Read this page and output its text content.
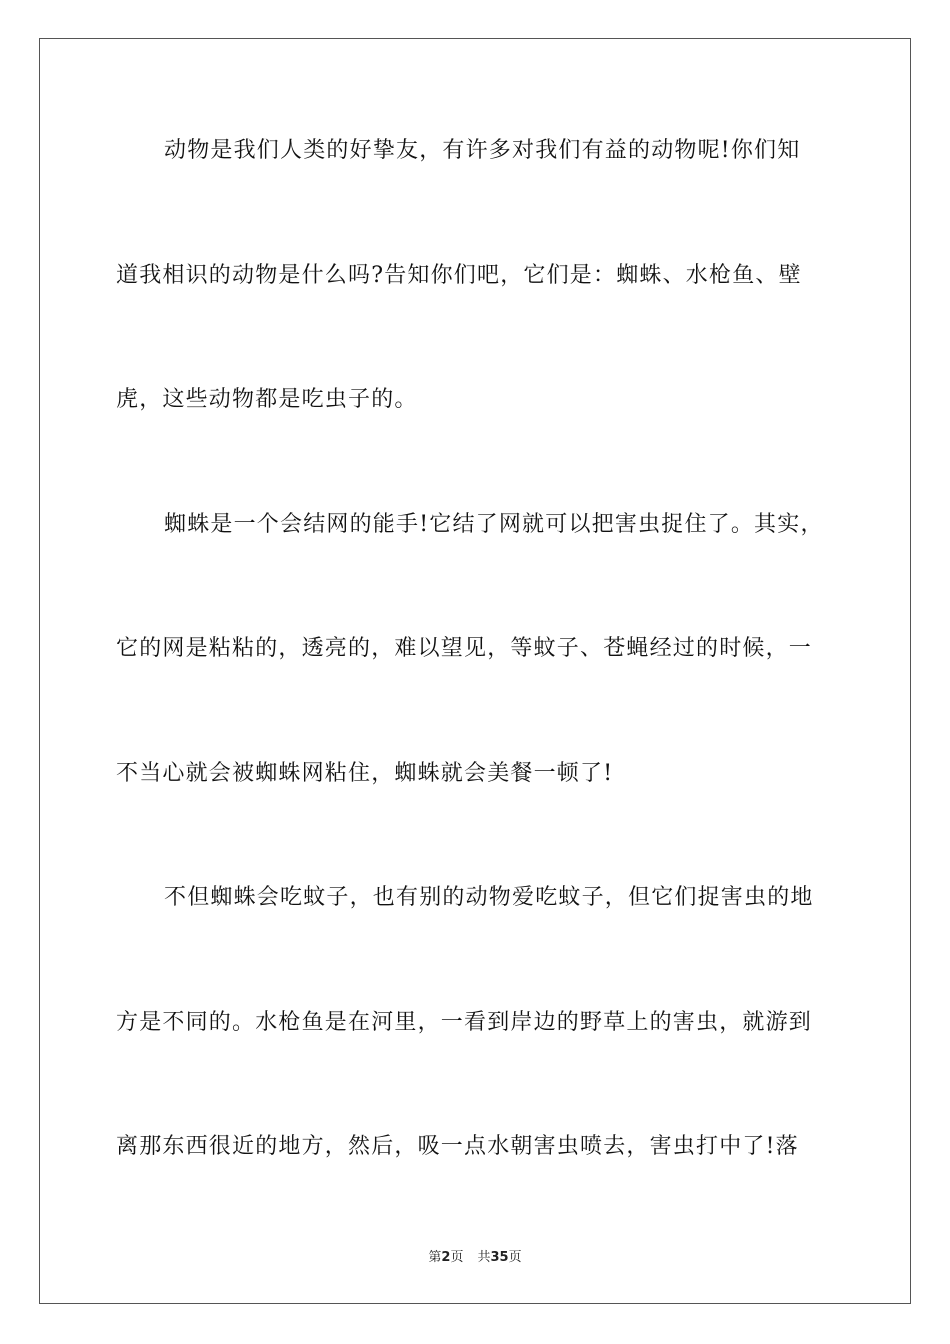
动物是我们人类的好挚友，有许多对我们有益的动物呢!你们知
道我相识的动物是什么吗?告知你们吧，它们是：蜘蛛、水枪鱼、壁
虎，这些动物都是吃虫子的。
蜘蛛是一个会结网的能手!它结了网就可以把害虫捉住了。其实，
它的网是粘粘的，透亮的，难以望见，等蚊子、苍蝇经过的时候，一
不当心就会被蜘蛛网粘住，蜘蛛就会美餐一顿了!
不但蜘蛛会吃蚊子，也有别的动物爱吃蚊子，但它们捉害虫的地
方是不同的。水枪鱼是在河里，一看到岸边的野草上的害虫，就游到
离那东西很近的地方，然后，吸一点水朝害虫喷去，害虫打中了!落
第2页 共35页
